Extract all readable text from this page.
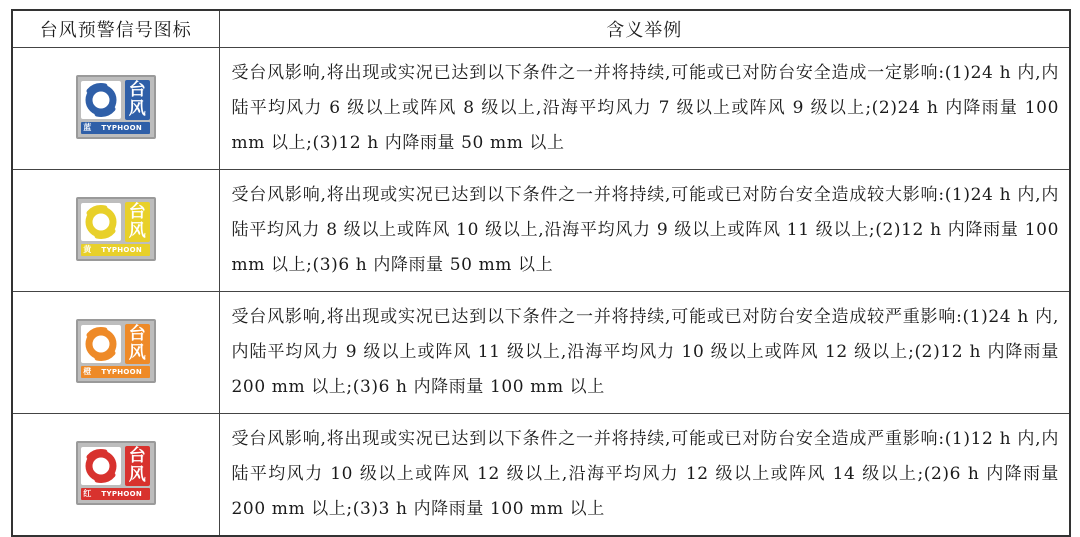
台风预警信号图标	含义举例

台
风
蓝 TYPHOON	受台风影响,将出现或实况已达到以下条件之一并将持续,可能或已对防台安全造成一定影响:(1)24 h 内,内陆平均风力 6 级以上或阵风 8 级以上,沿海平均风力 7 级以上或阵风 9 级以上;(2)24 h 内降雨量 100 mm 以上;(3)12 h 内降雨量 50 mm 以上

台
风
黄 TYPHOON	受台风影响,将出现或实况已达到以下条件之一并将持续,可能或已对防台安全造成较大影响:(1)24 h 内,内陆平均风力 8 级以上或阵风 10 级以上,沿海平均风力 9 级以上或阵风 11 级以上;(2)12 h 内降雨量 100 mm 以上;(3)6 h 内降雨量 50 mm 以上

台
风
橙 TYPHOON	受台风影响,将出现或实况已达到以下条件之一并将持续,可能或已对防台安全造成较严重影响:(1)24 h 内,内陆平均风力 9 级以上或阵风 11 级以上,沿海平均风力 10 级以上或阵风 12 级以上;(2)12 h 内降雨量 200 mm 以上;(3)6 h 内降雨量 100 mm 以上

台
风
红 TYPHOON	受台风影响,将出现或实况已达到以下条件之一并将持续,可能或已对防台安全造成严重影响:(1)12 h 内,内陆平均风力 10 级以上或阵风 12 级以上,沿海平均风力 12 级以上或阵风 14 级以上;(2)6 h 内降雨量 200 mm 以上;(3)3 h 内降雨量 100 mm 以上
